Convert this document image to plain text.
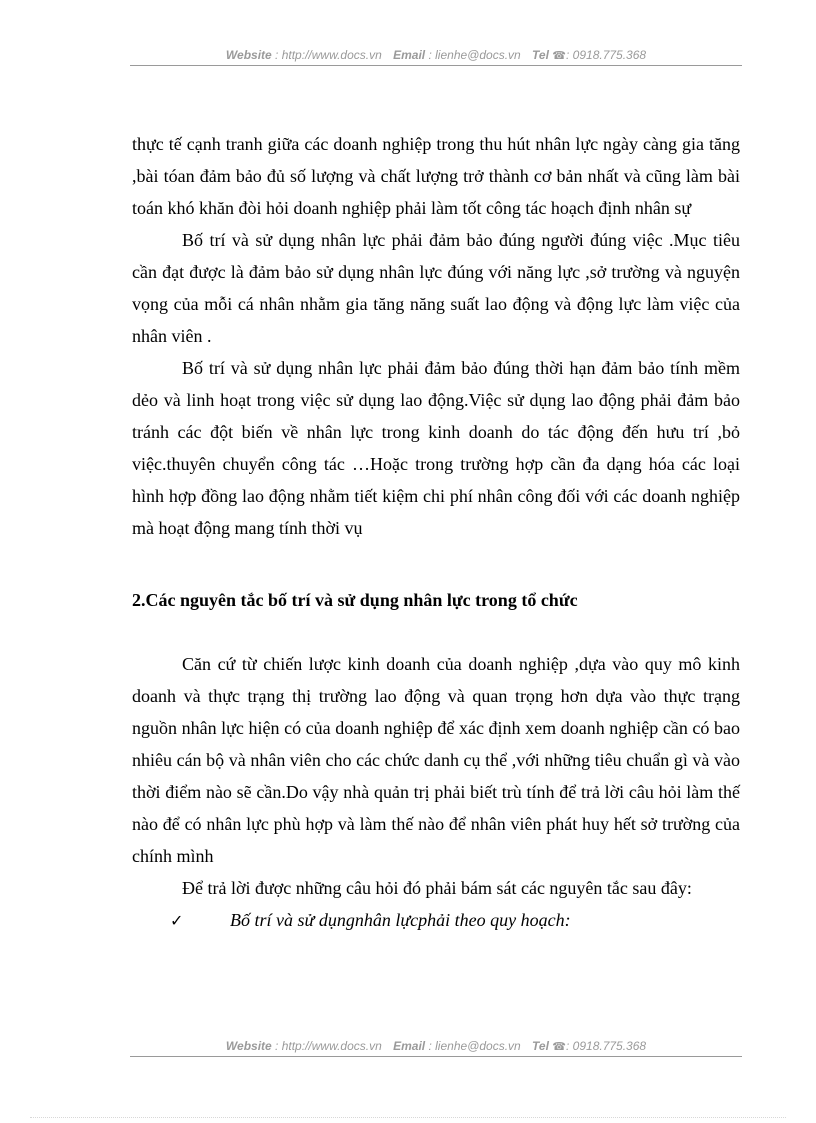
Website : http://www.docs.vn Email : lienhe@docs.vn Tel ☎: 0918.775.368

thực tế cạnh tranh giữa các doanh nghiệp trong thu hút nhân lực ngày càng gia tăng ,bài tóan đảm bảo đủ số lượng và chất lượng trở thành cơ bản nhất và cũng làm bài toán khó khăn đòi hỏi doanh nghiệp phải làm tốt công tác hoạch định nhân sự

Bố trí và sử dụng nhân lực phải đảm bảo đúng người đúng việc .Mục tiêu cần đạt được là đảm bảo sử dụng nhân lực đúng với năng lực ,sở trường và nguyện vọng của mỗi cá nhân nhằm gia tăng năng suất lao động và động lực làm việc của nhân viên .

Bố trí và sử dụng nhân lực phải đảm bảo đúng thời hạn đảm bảo tính mềm dẻo và linh hoạt trong việc sử dụng lao động.Việc sử dụng lao động phải đảm bảo tránh các đột biến về nhân lực trong kinh doanh do tác động đến hưu trí ,bỏ việc.thuyên chuyển công tác …Hoặc trong trường hợp cần đa dạng hóa các loại hình hợp đồng lao động nhằm tiết kiệm chi phí nhân công đối với các doanh nghiệp mà hoạt động mang tính thời vụ

2.Các nguyên tắc bố trí và sử dụng nhân lực trong tổ chức

Căn cứ từ chiến lược kinh doanh của doanh nghiệp ,dựa vào quy mô kinh doanh và thực trạng thị trường lao động và quan trọng hơn dựa vào thực trạng nguồn nhân lực hiện có của doanh nghiệp để xác định xem doanh nghiệp cần có bao nhiêu cán bộ và nhân viên cho các chức danh cụ thể ,với những tiêu chuẩn gì và vào thời điểm nào sẽ cần.Do vậy nhà quản trị phải biết trù tính để trả lời câu hỏi làm thế nào để có nhân lực phù hợp và làm thế nào để nhân viên phát huy hết sở trường của chính mình

Để trả lời được những câu hỏi đó phải bám sát các nguyên tắc sau đây:

✓	Bố trí và sử dụngnhân lựcphải theo quy hoạch:
Website : http://www.docs.vn Email : lienhe@docs.vn Tel ☎: 0918.775.368
